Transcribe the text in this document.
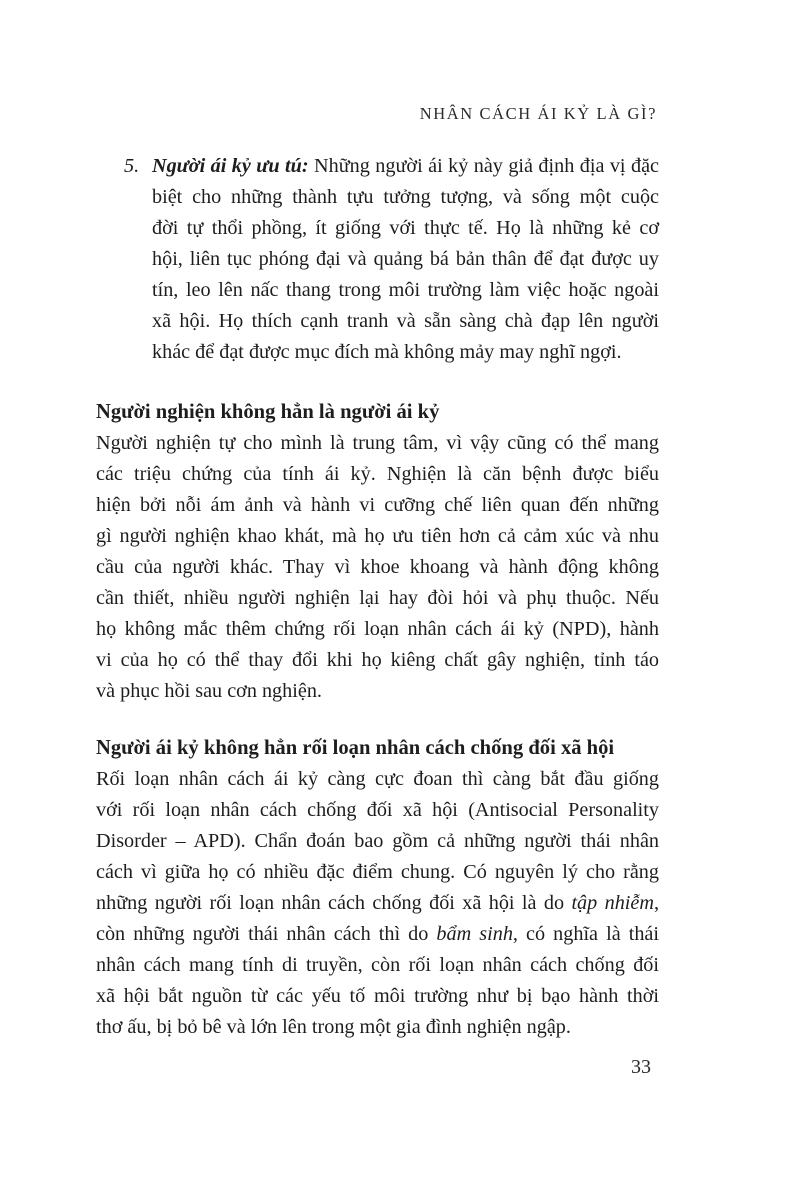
NHÂN CÁCH ÁI KỶ LÀ GÌ?
5. Người ái kỷ ưu tú: Những người ái kỷ này giả định địa vị đặc
biệt cho những thành tựu tưởng tượng, và sống một cuộc
đời tự thổi phồng, ít giống với thực tế. Họ là những kẻ cơ
hội, liên tục phóng đại và quảng bá bản thân để đạt được uy
tín, leo lên nấc thang trong môi trường làm việc hoặc ngoài
xã hội. Họ thích cạnh tranh và sẵn sàng chà đạp lên người
khác để đạt được mục đích mà không mảy may nghĩ ngợi.
Người nghiện không hẳn là người ái kỷ
Người nghiện tự cho mình là trung tâm, vì vậy cũng có thể mang
các triệu chứng của tính ái kỷ. Nghiện là căn bệnh được biểu
hiện bởi nỗi ám ảnh và hành vi cưỡng chế liên quan đến những
gì người nghiện khao khát, mà họ ưu tiên hơn cả cảm xúc và nhu
cầu của người khác. Thay vì khoe khoang và hành động không
cần thiết, nhiều người nghiện lại hay đòi hỏi và phụ thuộc. Nếu
họ không mắc thêm chứng rối loạn nhân cách ái kỷ (NPD), hành
vi của họ có thể thay đổi khi họ kiêng chất gây nghiện, tỉnh táo
và phục hồi sau cơn nghiện.
Người ái kỷ không hẳn rối loạn nhân cách chống đối xã hội
Rối loạn nhân cách ái kỷ càng cực đoan thì càng bắt đầu giống
với rối loạn nhân cách chống đối xã hội (Antisocial Personality
Disorder – APD). Chẩn đoán bao gồm cả những người thái nhân
cách vì giữa họ có nhiều đặc điểm chung. Có nguyên lý cho rằng
những người rối loạn nhân cách chống đối xã hội là do tập nhiễm,
còn những người thái nhân cách thì do bẩm sinh, có nghĩa là thái
nhân cách mang tính di truyền, còn rối loạn nhân cách chống đối
xã hội bắt nguồn từ các yếu tố môi trường như bị bạo hành thời
thơ ấu, bị bỏ bê và lớn lên trong một gia đình nghiện ngập.
33
